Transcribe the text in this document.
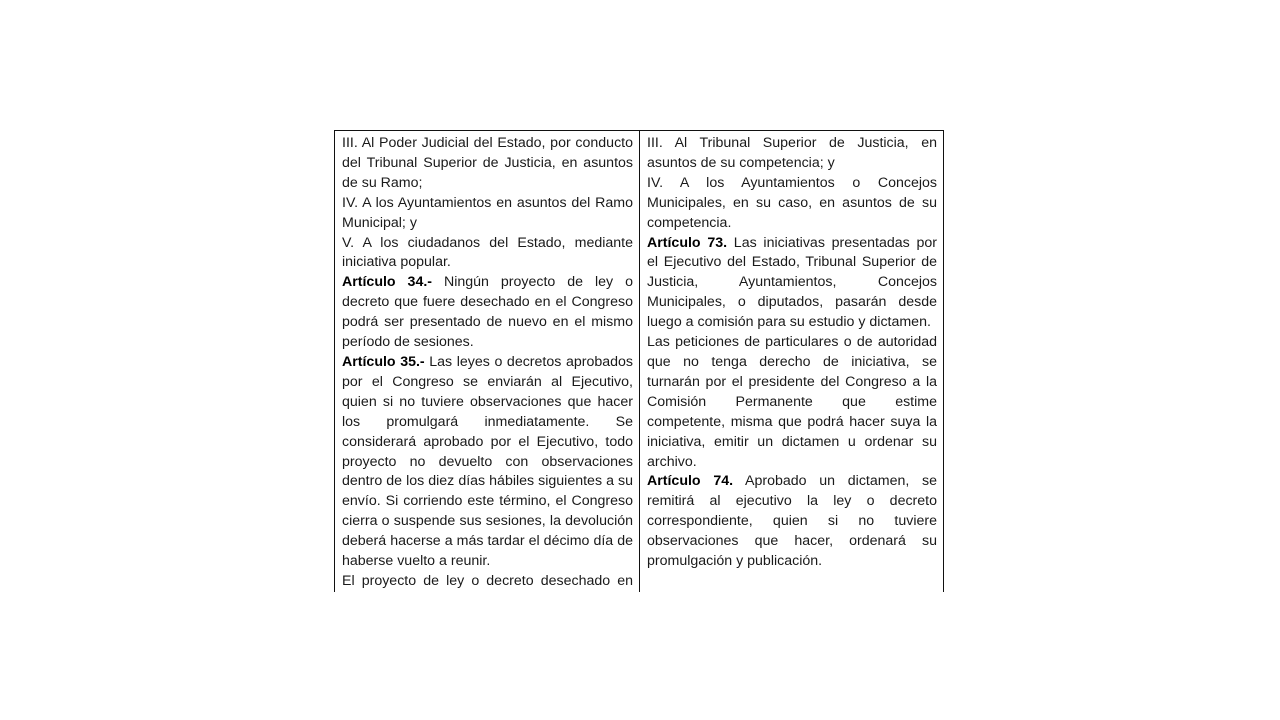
III. Al Poder Judicial del Estado, por conducto del Tribunal Superior de Justicia, en asuntos de su Ramo;

IV. A los Ayuntamientos en asuntos del Ramo Municipal; y

V. A los ciudadanos del Estado, mediante iniciativa popular.

Artículo 34.- Ningún proyecto de ley o decreto que fuere desechado en el Congreso podrá ser presentado de nuevo en el mismo período de sesiones.

Artículo 35.- Las leyes o decretos aprobados por el Congreso se enviarán al Ejecutivo, quien si no tuviere observaciones que hacer los promulgará inmediatamente. Se considerará aprobado por el Ejecutivo, todo proyecto no devuelto con observaciones dentro de los diez días hábiles siguientes a su envío. Si corriendo este término, el Congreso cierra o suspende sus sesiones, la devolución deberá hacerse a más tardar el décimo día de haberse vuelto a reunir.

El proyecto de ley o decreto desechado en

III. Al Tribunal Superior de Justicia, en asuntos de su competencia; y

IV. A los Ayuntamientos o Concejos Municipales, en su caso, en asuntos de su competencia.

Artículo 73. Las iniciativas presentadas por el Ejecutivo del Estado, Tribunal Superior de Justicia, Ayuntamientos, Concejos Municipales, o diputados, pasarán desde luego a comisión para su estudio y dictamen.

Las peticiones de particulares o de autoridad que no tenga derecho de iniciativa, se turnarán por el presidente del Congreso a la Comisión Permanente que estime competente, misma que podrá hacer suya la iniciativa, emitir un dictamen u ordenar su archivo.

Artículo 74. Aprobado un dictamen, se remitirá al ejecutivo la ley o decreto correspondiente, quien si no tuviere observaciones que hacer, ordenará su promulgación y publicación.
